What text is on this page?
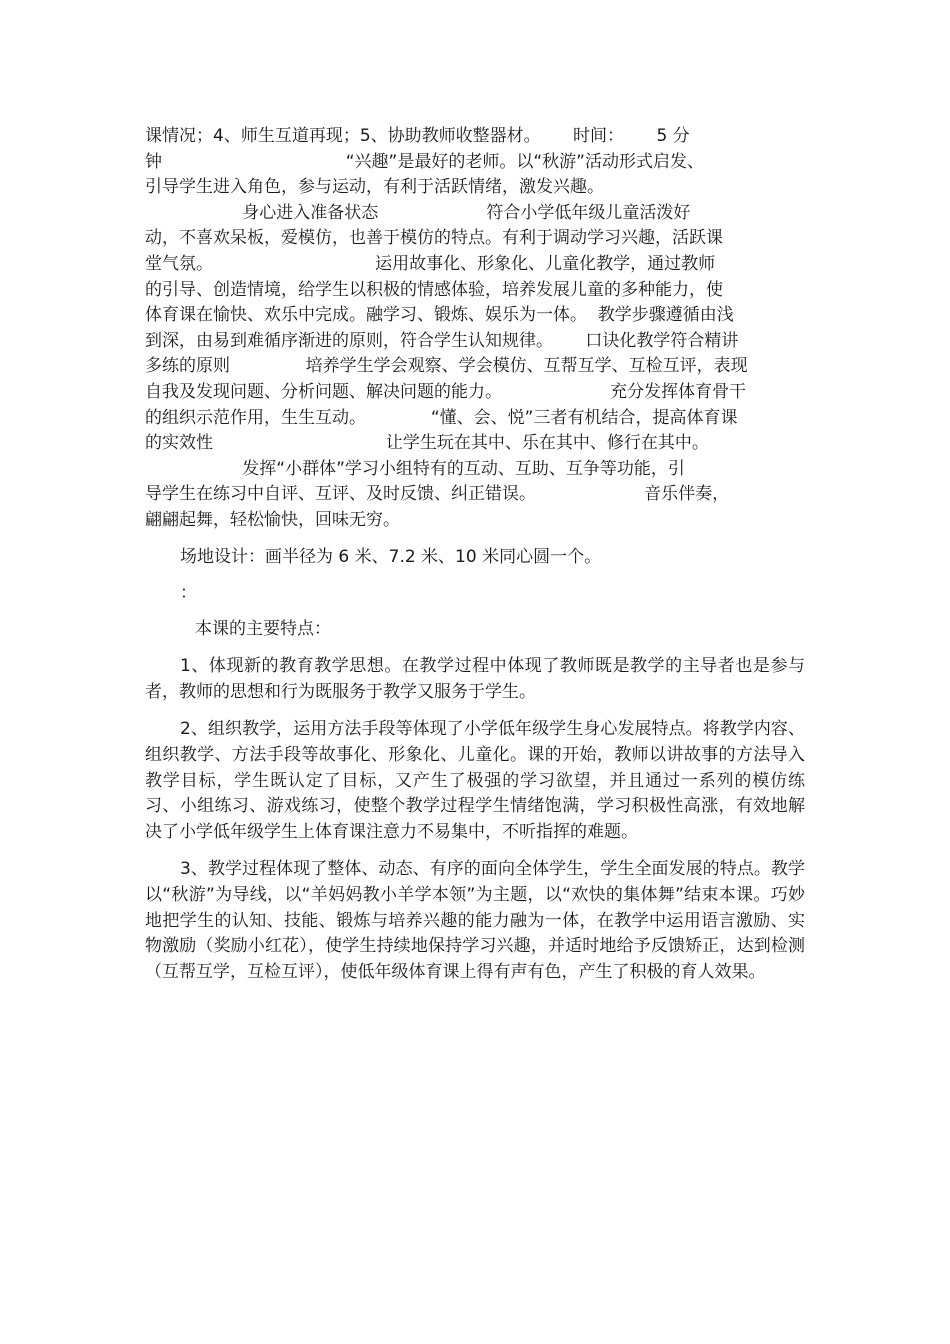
课情况；4、师生互道再现；5、协助教师收整器材。      时间：      5 分
钟                                  “兴趣”是最好的老师。以“秋游”活动形式启发、
引导学生进入角色，参与运动，有利于活跃情绪，激发兴趣。
身心进入准备状态                    符合小学低年级儿童活泼好
动，不喜欢呆板，爱模仿，也善于模仿的特点。有利于调动学习兴趣，活跃课
堂气氛。                              运用故事化、形象化、儿童化教学，通过教师
的引导、创造情境，给学生以积极的情感体验，培养发展儿童的多种能力，使
体育课在愉快、欢乐中完成。融学习、锻炼、娱乐为一体。  教学步骤遵循由浅
到深，由易到难循序渐进的原则，符合学生认知规律。      口诀化教学符合精讲
多练的原则              培养学生学会观察、学会模仿、互帮互学、互检互评，表现
自我及发现问题、分析问题、解决问题的能力。                    充分发挥体育骨干
的组织示范作用，生生互动。            “懂、会、悦”三者有机结合，提高体育课
的实效性                                让学生玩在其中、乐在其中、修行在其中。
发挥“小群体”学习小组特有的互动、互助、互争等功能，引
导学生在练习中自评、互评、及时反馈、纠正错误。                    音乐伴奏，
翩翩起舞，轻松愉快，回味无穷。

场地设计：画半径为 6 米、7.2 米、10 米同心圆一个。

：

本课的主要特点：

1、体现新的教育教学思想。在教学过程中体现了教师既是教学的主导者也是参与者，教师的思想和行为既服务于教学又服务于学生。

2、组织教学，运用方法手段等体现了小学低年级学生身心发展特点。将教学内容、组织教学、方法手段等故事化、形象化、儿童化。课的开始，教师以讲故事的方法导入教学目标，学生既认定了目标，又产生了极强的学习欲望，并且通过一系列的模仿练习、小组练习、游戏练习，使整个教学过程学生情绪饱满，学习积极性高涨，有效地解决了小学低年级学生上体育课注意力不易集中，不听指挥的难题。

3、教学过程体现了整体、动态、有序的面向全体学生，学生全面发展的特点。教学以“秋游”为导线，以“羊妈妈教小羊学本领”为主题，以“欢快的集体舞”结束本课。巧妙地把学生的认知、技能、锻炼与培养兴趣的能力融为一体，在教学中运用语言激励、实物激励（奖励小红花），使学生持续地保持学习兴趣，并适时地给予反馈矫正，达到检测（互帮互学，互检互评），使低年级体育课上得有声有色，产生了积极的育人效果。
